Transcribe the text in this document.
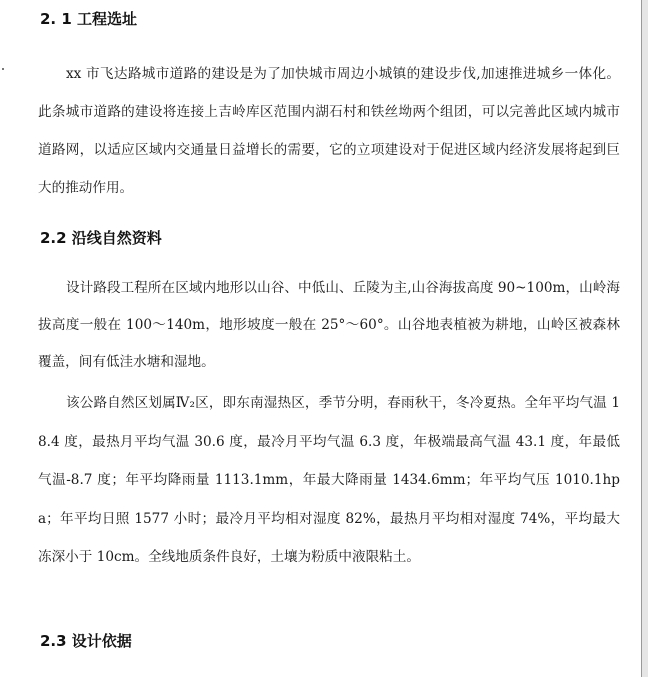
2. 1 工程选址

xx 市飞达路城市道路的建设是为了加快城市周边小城镇的建设步伐,加速推进城乡一体化。此条城市道路的建设将连接上吉岭库区范围内湖石村和铁丝坳两个组团，可以完善此区域内城市道路网，以适应区域内交通量日益增长的需要，它的立项建设对于促进区域内经济发展将起到巨大的推动作用。

2.2 沿线自然资料

设计路段工程所在区域内地形以山谷、中低山、丘陵为主,山谷海拔高度 90~100m，山岭海拔高度一般在 100～140m，地形坡度一般在 25°～60°。山谷地表植被为耕地，山岭区被森林覆盖，间有低洼水塘和湿地。

该公路自然区划属Ⅳ₂区，即东南湿热区，季节分明，春雨秋干，冬冷夏热。全年平均气温 18.4 度，最热月平均气温 30.6 度，最冷月平均气温 6.3 度，年极端最高气温 43.1 度，年最低气温-8.7 度；年平均降雨量 1113.1mm，年最大降雨量 1434.6mm；年平均气压 1010.1hpa；年平均日照 1577 小时；最冷月平均相对湿度 82%，最热月平均相对湿度 74%，平均最大冻深小于 10cm。全线地质条件良好，土壤为粉质中液限粘土。

2.3 设计依据
